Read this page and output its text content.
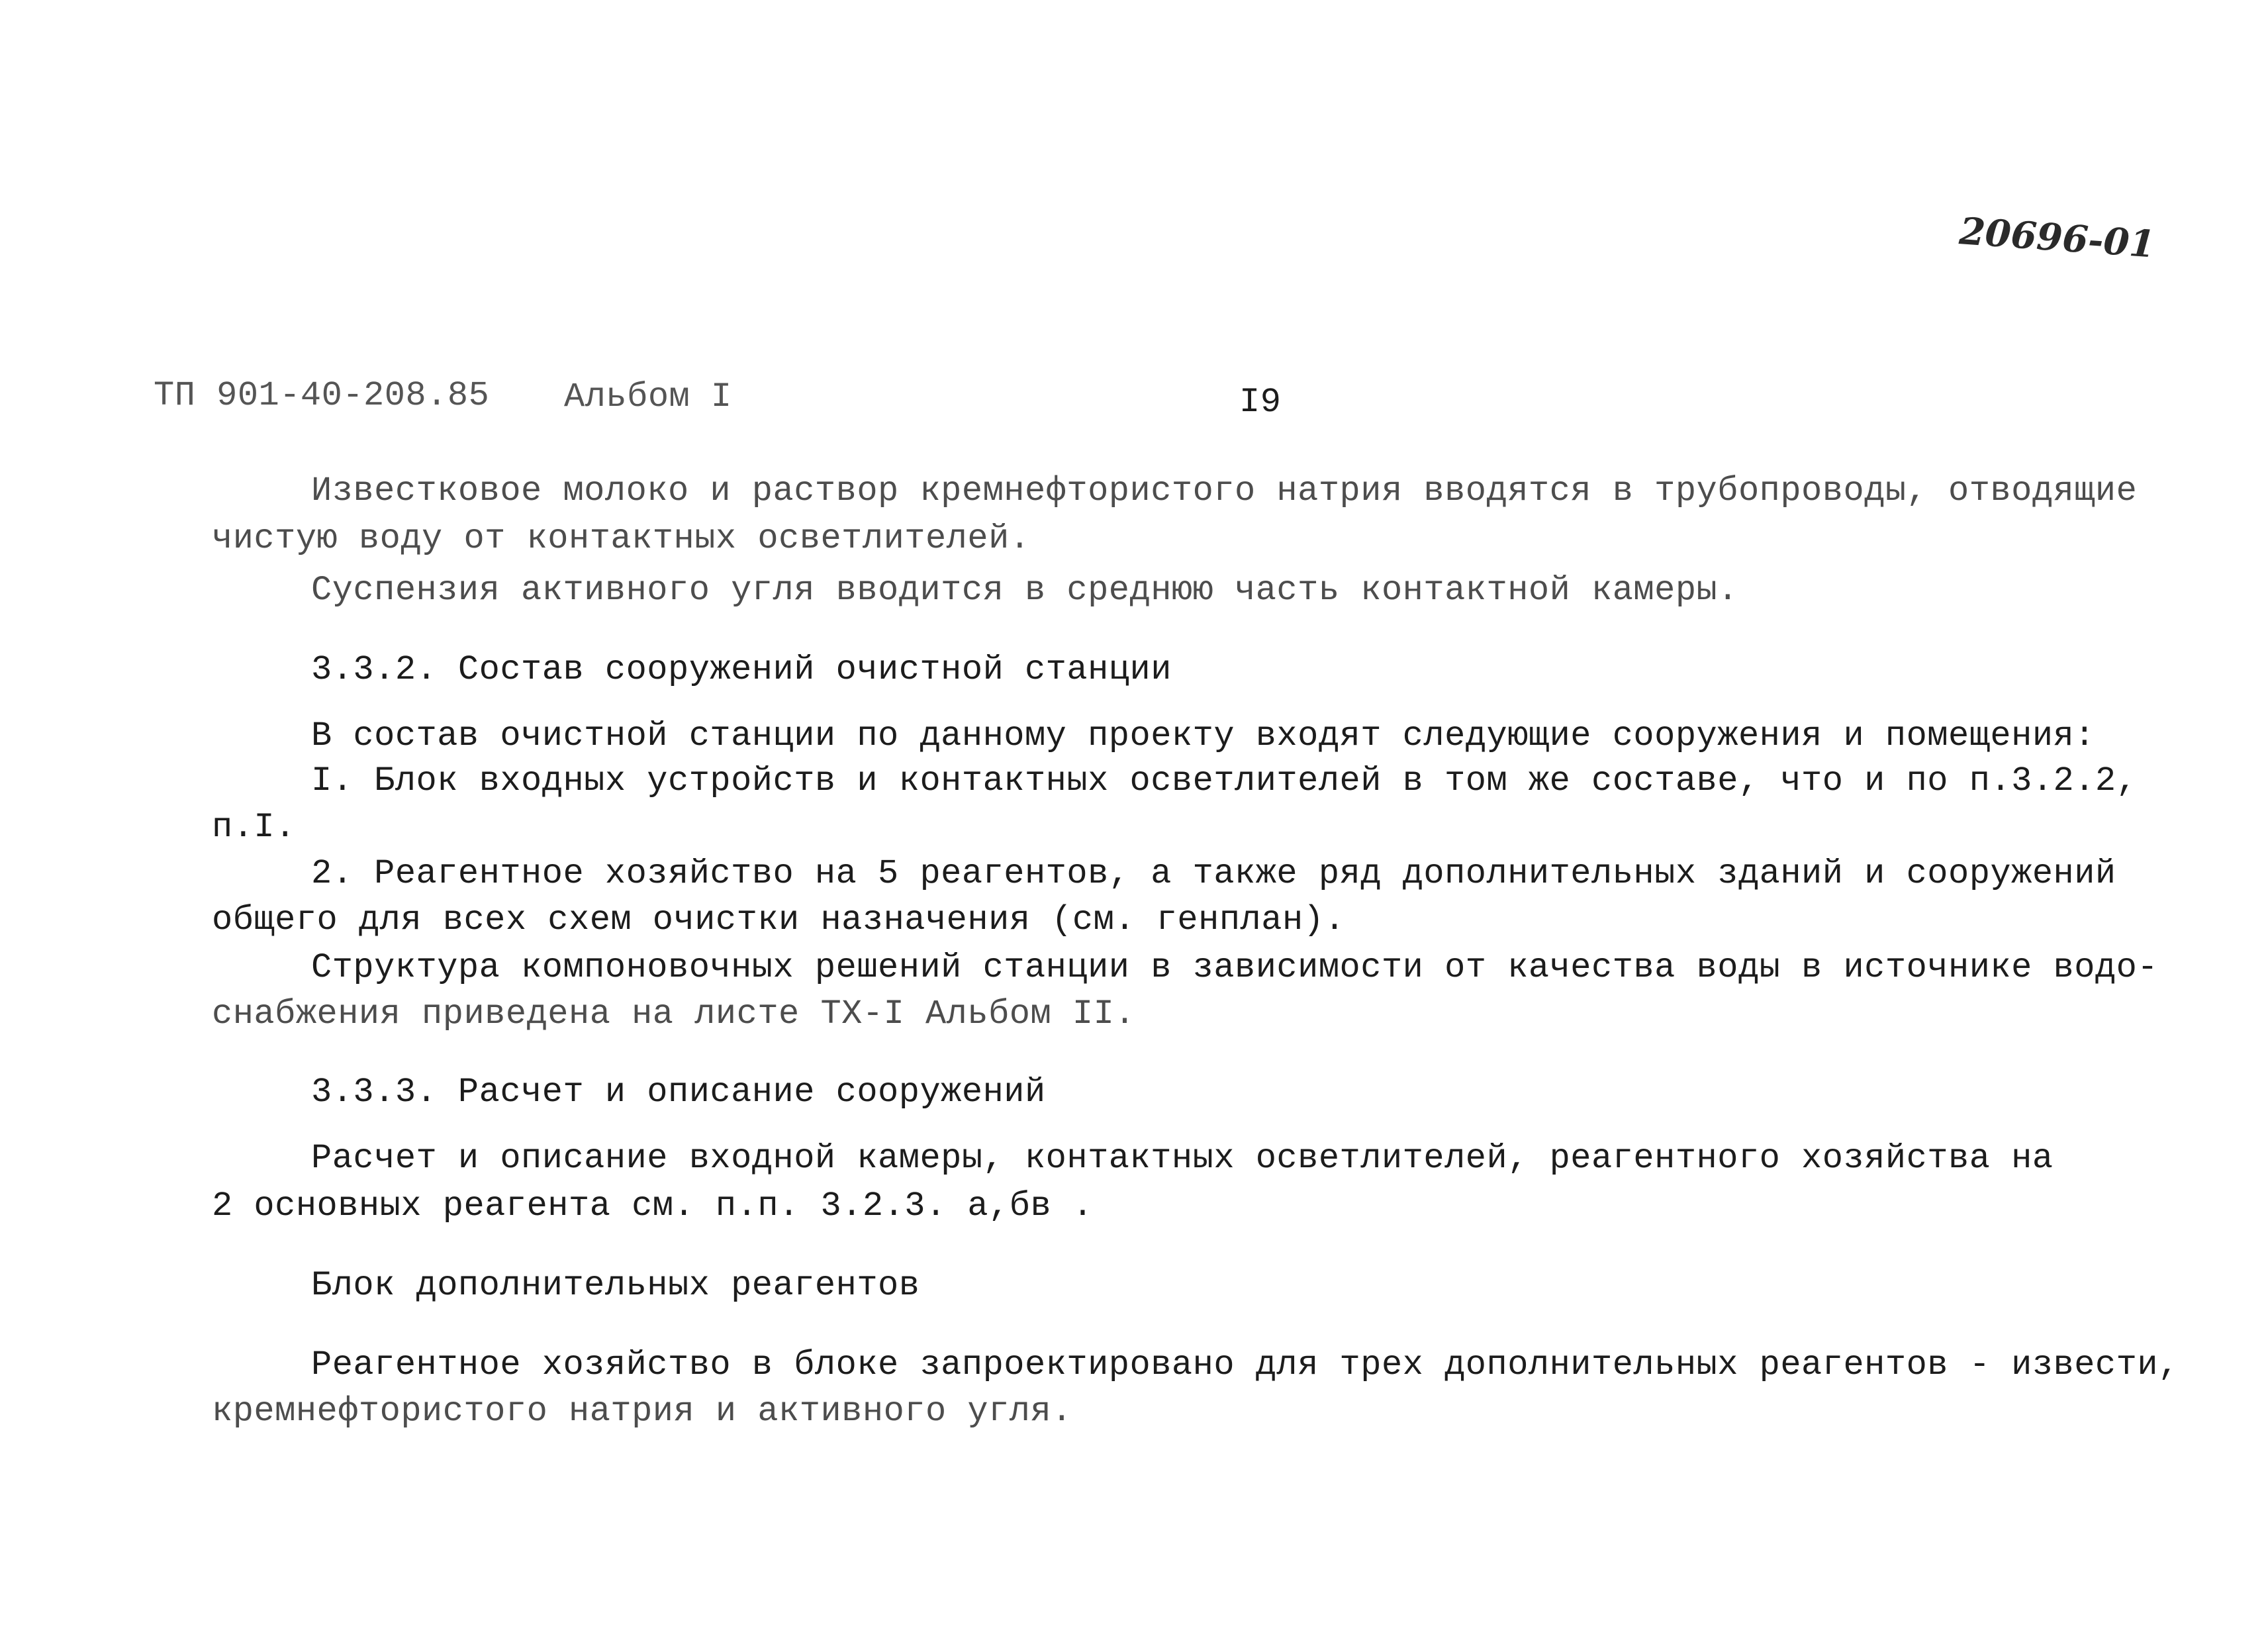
20696-01
ТП 901-40-208.85 Альбом I	I9
Известковое молоко и раствор кремнефтористого натрия вводятся в трубопроводы, отводящие
чистую воду от контактных осветлителей.
Суспензия активного угля вводится в среднюю часть контактной камеры.
3.3.2. Состав сооружений очистной станции
В состав очистной станции по данному проекту входят следующие сооружения и помещения:
I. Блок входных устройств и контактных осветлителей в том же составе, что и по п.3.2.2,
п.I.
2. Реагентное хозяйство на 5 реагентов, а также ряд дополнительных зданий и сооружений
общего для всех схем очистки назначения (см. генплан).
Структура компоновочных решений станции в зависимости от качества воды в источнике водо-
снабжения приведена на листе ТХ-I Альбом II.
3.3.3. Расчет и описание сооружений
Расчет и описание входной камеры, контактных осветлителей, реагентного хозяйства на
2 основных реагента см. п.п. 3.2.3. а,бв .
Блок дополнительных реагентов
Реагентное хозяйство в блоке запроектировано для трех дополнительных реагентов - извести,
кремнефтористого натрия и активного угля.
